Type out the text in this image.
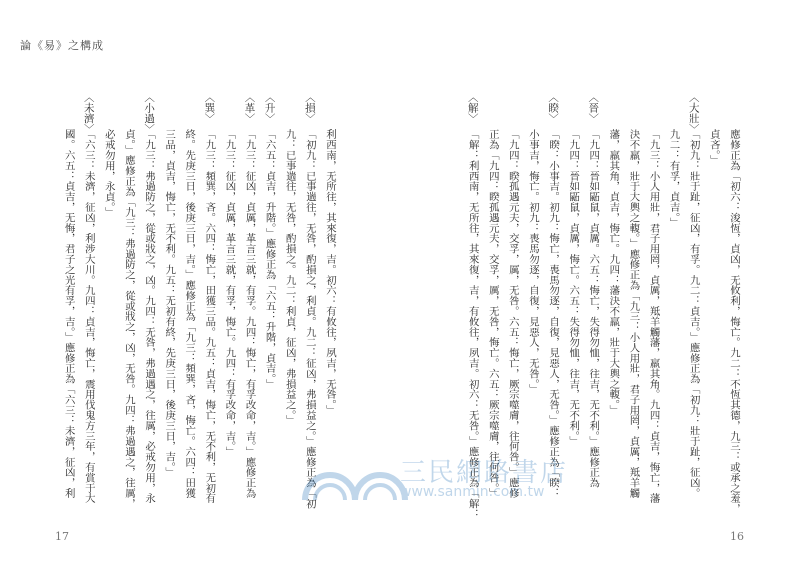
論《易》之構成
應修正為「初六：浚恆，貞凶，无攸利，悔亡。九二：不恆其德，九三：或承之羞，
貞吝。」
〈大壯〉
「初九：壯于趾，征凶，有孚。九二：貞吉。」應修正為「初九：壯于趾，征凶。
九二：有孚，貞吉。」
「九三：小人用壯，君子用罔，貞厲，羝羊觸藩，羸其角。九四：貞吉，悔亡，藩
決不羸，壯于大輿之輹。」應修正為「九三：小人用壯，君子用罔，貞厲，羝羊觸
藩，羸其角，貞吉，悔亡。九四：藩決不羸，壯于大輿之輹。」
〈晉〉
「九四：晉如鼫鼠，貞厲。六五：悔亡，失得勿恤，往吉，无不利。」應修正為
「九四：晉如鼫鼠，貞厲，悔亡。六五：失得勿恤，往吉，无不利。」
〈睽〉
「睽：小事吉。初九：悔亡，喪馬勿逐，自復，見惡人，无咎。」應修正為「睽：
小事吉，悔亡。初九：喪馬勿逐，自復，見惡人，无咎。」
「九四：睽孤遇元夫，交孚，厲，无咎。六五：悔亡，厥宗噬膚，往何咎。」應修
正為「九四：睽孤遇元夫，交孚，厲，无咎，悔亡。六五：厥宗噬膚，往何咎。」
〈解〉
「解：利西南，无所往，其來復，吉，有攸往，夙吉。初六：无咎。」應修正為「解：
利西南，无所往，其來復，吉。初六：有攸往，夙吉，无咎。」
〈損〉
「初九：已事遄往，无咎，酌損之，利貞。九二：征凶，弗損益之。」應修正為「初
九：已事遄往，无咎，酌損之。九二：利貞，征凶，弗損益之。」
〈升〉
「六五：貞吉，升階。」應修正為「六五：升階，貞吉。」
〈革〉
「九三：征凶，貞厲，革言三就，有孚。九四：悔亡，有孚改命，吉。」應修正為
「九三：征凶，貞厲，革言三就，有孚，悔亡。九四：有孚改命，吉。」
〈巽〉
「九三：頻巽，吝。六四：悔亡，田獲三品。九五：貞吉，悔亡，无不利，无初有
終。先庚三日，後庚三日，吉。」應修正為「九三：頻巽，吝，悔亡。六四：田獲
三品，貞吉，悔亡，无不利。九五：无初有終，先庚三日，後庚三日，吉。」
〈小過〉
「九三：弗過防之，從或戕之，凶。九四：无咎，弗過遇之，往厲，必戒勿用，永
貞。」應修正為「九三：弗過防之，從或戕之，凶，无咎。九四：弗過遇之，往厲，
必戒勿用，永貞。」
〈未濟〉
「六三：未濟，征凶，利涉大川。九四：貞吉，悔亡，震用伐鬼方三年，有賞于大
國。六五：貞吉，无悔，君子之光有孚，吉。」應修正為「六三：未濟，征凶，利
17	16
三民網路書店
www.sanmin.com.tw
